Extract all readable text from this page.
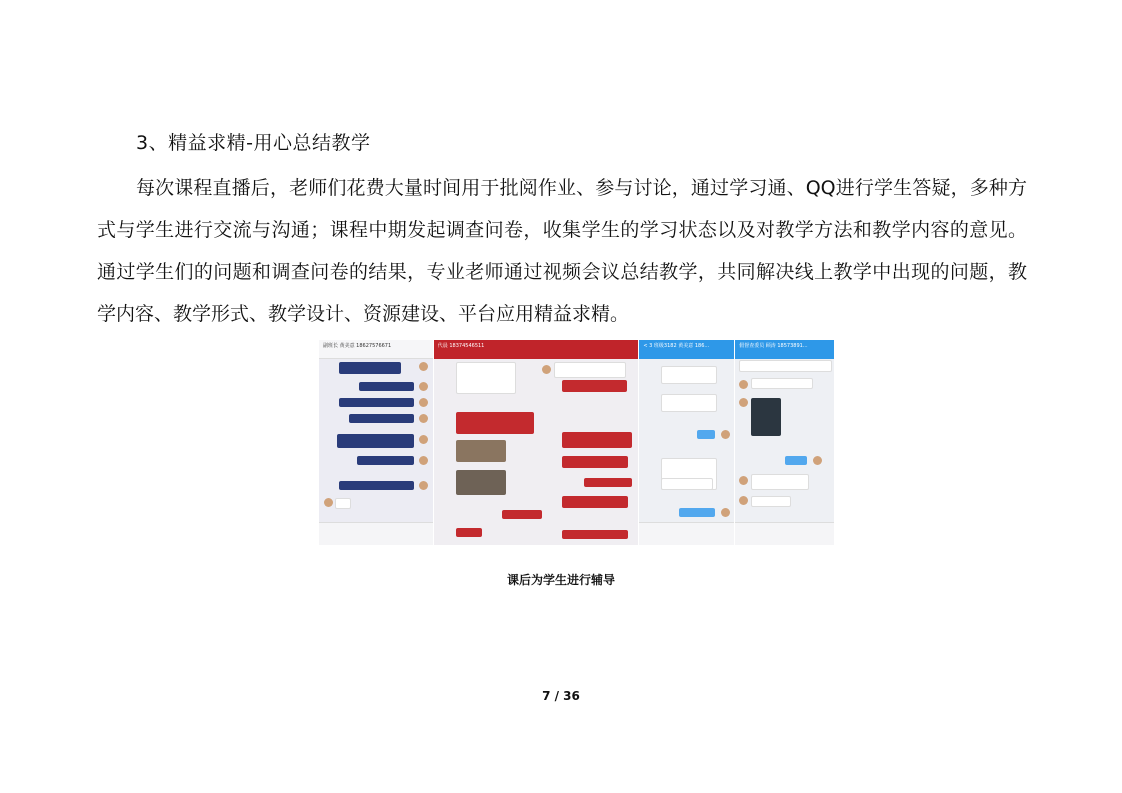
3、精益求精-用心总结教学

每次课程直播后，老师们花费大量时间用于批阅作业、参与讨论，通过学习通、QQ进行学生答疑，多种方式与学生进行交流与沟通；课程中期发起调查问卷，收集学生的学习状态以及对教学方法和教学内容的意见。通过学生们的问题和调查问卷的结果，专业老师通过视频会议总结教学，共同解决线上教学中出现的问题，教学内容、教学形式、教学设计、资源建设、平台应用精益求精。

副班长 黄美意 18627576671	代晨 18374546511	< 3 班级3182 黄美意 186...	假督查委员 顾涛 18573891...
课后为学生进行辅导
7 / 36
